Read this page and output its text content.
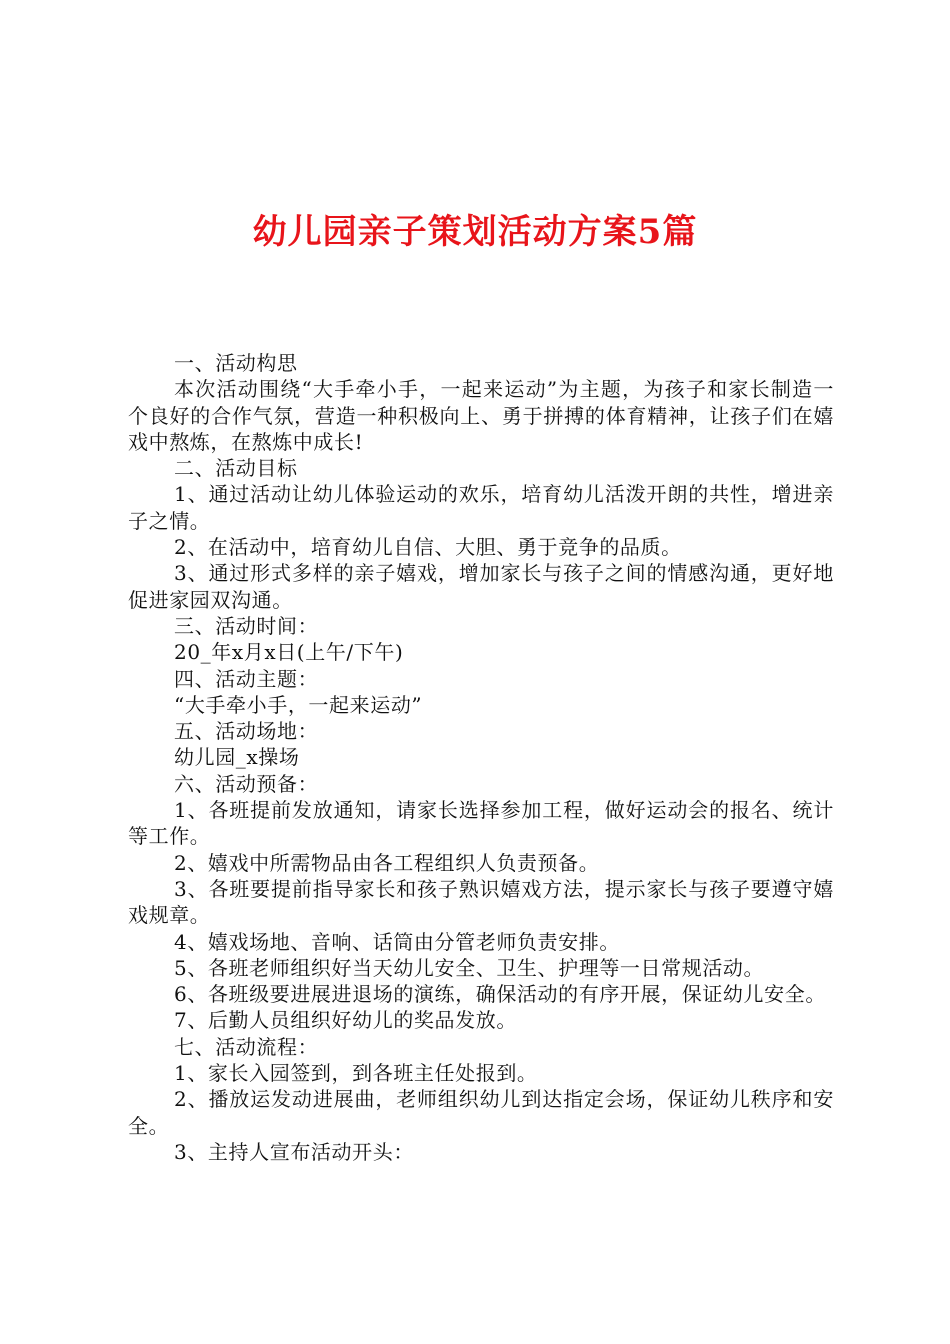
幼儿园亲子策划活动方案5篇

一、活动构思

本次活动围绕“大手牵小手，一起来运动”为主题，为孩子和家长制造一个良好的合作气氛，营造一种积极向上、勇于拼搏的体育精神，让孩子们在嬉戏中熬炼，在熬炼中成长!

二、活动目标

1、通过活动让幼儿体验运动的欢乐，培育幼儿活泼开朗的共性，增进亲子之情。

2、在活动中，培育幼儿自信、大胆、勇于竞争的品质。

3、通过形式多样的亲子嬉戏，增加家长与孩子之间的情感沟通，更好地促进家园双沟通。

三、活动时间：

20_年x月x日(上午/下午)

四、活动主题：

“大手牵小手，一起来运动”

五、活动场地：

幼儿园_x操场

六、活动预备：

1、各班提前发放通知，请家长选择参加工程，做好运动会的报名、统计等工作。

2、嬉戏中所需物品由各工程组织人负责预备。

3、各班要提前指导家长和孩子熟识嬉戏方法，提示家长与孩子要遵守嬉戏规章。

4、嬉戏场地、音响、话筒由分管老师负责安排。

5、各班老师组织好当天幼儿安全、卫生、护理等一日常规活动。

6、各班级要进展进退场的演练，确保活动的有序开展，保证幼儿安全。

7、后勤人员组织好幼儿的奖品发放。

七、活动流程：

1、家长入园签到，到各班主任处报到。

2、播放运发动进展曲，老师组织幼儿到达指定会场，保证幼儿秩序和安全。

3、主持人宣布活动开头：
